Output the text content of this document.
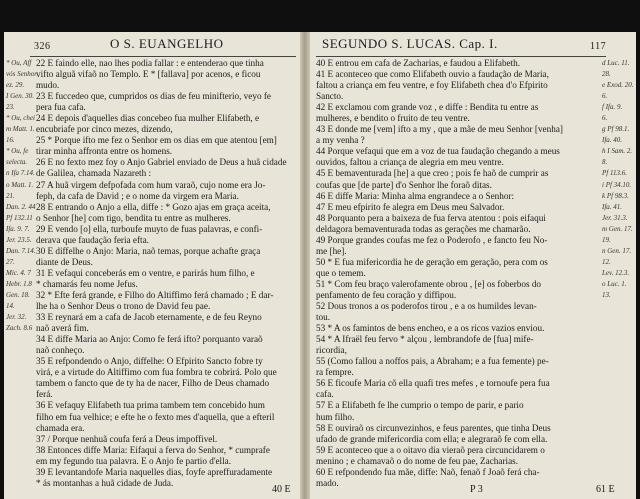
326	O S. EUANGELHO	SEGUNDO S. LUCAS. Cap. I.	117
* Ou, Aff
vós Senhor
ez. 29.
I Gen. 30.
23.
* Ou, chei
m Matt. 1.
16.
* Ou, fe
selecta.
n Ifa 7.14.
o Matt. 1.
21.
Dan. 2. 44
Pf 132.11
Ifa. 9. 7.
Jer. 23.5.
Dan. 7.14.
27.
Mic. 4. 7
Hebr. 1.8
Gen. 18.
14.
Jer. 32.
Zach. 8.6
22 E faindo elle, nao lhes podia fallar : e entenderao que tinha
vifto alguã vifaõ no Templo. E * [fallava] por acenos, e ficou
mudo.
23 E fuccedeo que, cumpridos os dias de feu minifterio, veyo fe
pera fua cafa.
24 E depois d'aquelles dias concebeo fua mulher Elifabeth, e
encubriafe por cinco mezes, dizendo,
25 * Porque ifto me fez o Senhor em os dias em que atentou [em]
tirar minha affronta entre os homens.
26 E no fexto mez foy o Anjo Gabriel enviado de Deus a huã cidade
de Galilea, chamada Nazareth :
27 A huã virgem defpofada com hum varaõ, cujo nome era Jo-
feph, da cafa de David ; e o nome da virgem era Maria.
28 E entrando o Anjo a ella, diffe : * Gozo ajas em graça aceita,
o Senhor [he] com tigo, bendita tu entre as mulheres.
29 E vendo [o] ella, turboufe muyto de fuas palavras, e confi-
derava que faudação feria efta.
30 E diffelhe o Anjo: Maria, naõ temas, porque achafte graça
diante de Deus.
31 E vefaqui conceberás em o ventre, e parirás hum filho, e
* chamarás feu nome Jefus.
32 * Efte ferá grande, e Filho do Altiffimo ferá chamado ; E dar-
lhe ha o Senhor Deus o trono de David feu pae.
33 E reynará em a cafa de Jacob eternamente, e de feu Reyno
naõ averá fim.
34 E diffe Maria ao Anjo: Como fe ferá ifto? porquanto varaõ
naõ conheço.
35 E refpondendo o Anjo, diffelhe: O Efpirito Sancto fobre ty
virá, e a virtude do Altiffimo com fua fombra te cobrirá. Polo que
tambem o fancto que de ty ha de nacer, Filho de Deus chamado
ferá.
36 E vefaquy Elifabeth tua prima tambem tem concebido hum
filho em fua velhice; e efte he o fexto mes d'aquella, que a efteril
chamada era.
37 / Porque nenhuã coufa ferá a Deus impoffivel.
38 Entonces diffe Maria: Eifaqui a ferva do Senhor, * cumprafe
em my fegundo tua palavra. E o Anjo fe partio d'ella.
39 E levantandofe Maria naquelles dias, foyfe apreffuradamente
* ás montanhas a huã cidade de Juda.
40 E entrou em cafa de Zacharias, e faudou a Elifabeth.
41 E aconteceo que como Elifabeth ouvio a faudação de Maria,
faltou a criança em feu ventre, e foy Elifabeth chea d'o Efpirito
Sancto.
42 E exclamou com grande voz , e diffe : Bendita tu entre as
mulheres, e bendito o fruito de teu ventre.
43 E donde me [vem] ifto a my , que a mãe de meu Senhor [venha]
a my venha ?
44 Porque vefaqui que em a voz de tua faudação chegando a meus
ouvidos, faltou a criança de alegria em meu ventre.
45 E bemaventurada [he] a que creo ; pois fe haõ de cumprir as
coufas que [de parte] d'o Senhor lhe foraõ ditas.
46 E diffe Maria: Minha alma engrandece a o Senhor:
47 E meu efpirito fe alegra em Deus meu Salvador.
48 Porquanto pera a baixeza de fua ferva atentou : pois eifaqui
deldagora bemaventurada todas as gerações me chamarão.
49 Porque grandes coufas me fez o Poderofo , e fancto feu No-
me [he].
50 * E fua mifericordia he de geração em geração, pera com os
que o temem.
51 * Com feu braço valerofamente obrou , [e] os foberbos do
penfamento de feu coração y diffipou.
52 Dous tronos a os poderofos tirou , e a os humildes levan-
tou.
53 * A os famintos de bens encheo, e a os ricos vazios enviou.
54 * A Ifraël feu fervo * alçou , lembrandofe de [fua] mife-
ricordia,
55 (Como fallou a noffos pais, a Abraham; e a fua femente) pe-
ra fempre.
56 E ficoufe Maria cõ ella quafi tres mefes , e tornoufe pera fua
cafa.
57 E a Elifabeth fe lhe cumprio o tempo de parir, e pario
hum filho.
58 E ouviraõ os circunvezinhos, e feus parentes, que tinha Deus
ufado de grande mifericordia com ella; e alegraraõ fe com ella.
59 E aconteceo que a o oitavo dia vieraõ pera circuncidarem o
menino ; e chamavaõ o do nome de feu pae, Zacharias.
60 E refpondendo fua mãe, diffe: Naõ, fenaõ f Joaõ ferá cha-
mado.
d Luc. 11.
28.
e Exod. 20.
6.
f Ifa. 9.
6.
g Pf 98.1.
Ifa. 40.
h I Sam. 2.
8.
Pf 113.6.
i Pf 34.10.
k Pf 98.3.
Ifa. 41.
Jer. 31.3.
m Gen. 17.
19.
n Gen. 17.
12.
Lev. 12.3.
o Luc. 1.
13.
40 E	P 3	61 E
